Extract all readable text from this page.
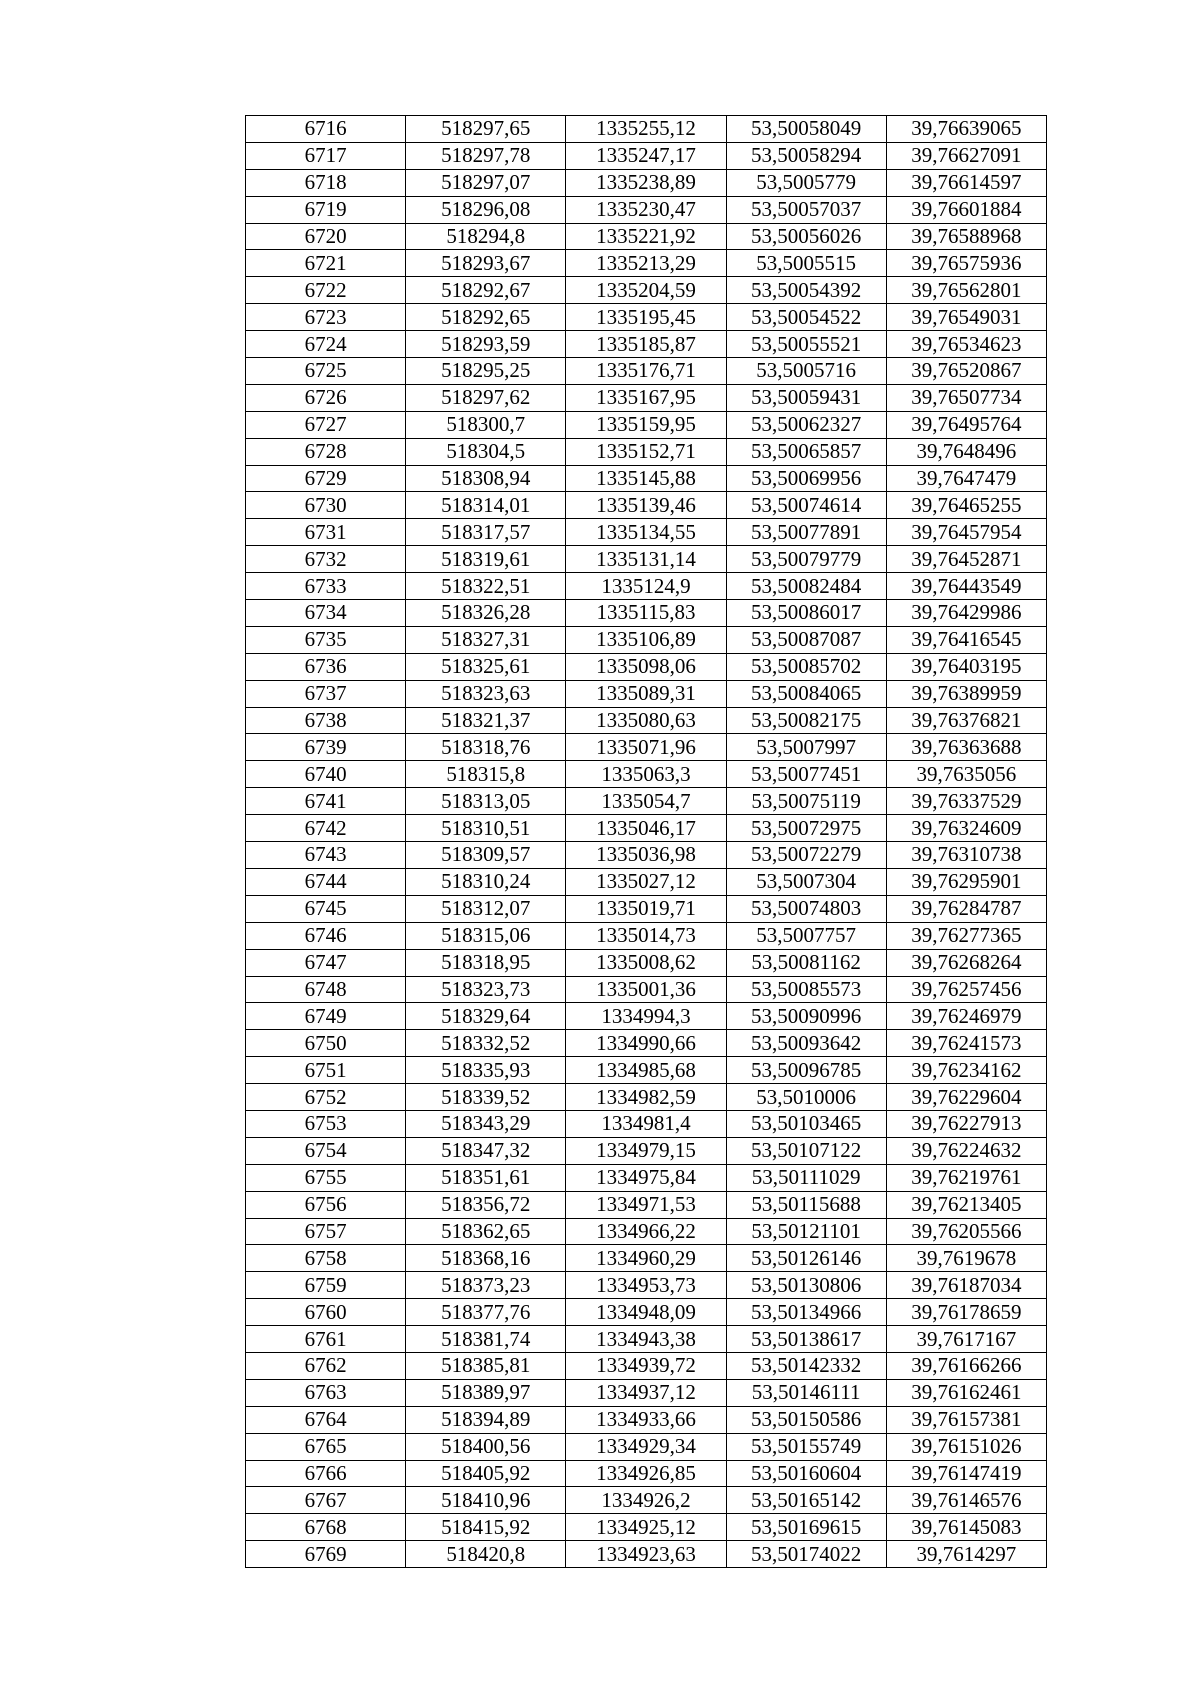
6716	518297,65	1335255,12	53,50058049	39,76639065
6717	518297,78	1335247,17	53,50058294	39,76627091
6718	518297,07	1335238,89	53,5005779	39,76614597
6719	518296,08	1335230,47	53,50057037	39,76601884
6720	518294,8	1335221,92	53,50056026	39,76588968
6721	518293,67	1335213,29	53,5005515	39,76575936
6722	518292,67	1335204,59	53,50054392	39,76562801
6723	518292,65	1335195,45	53,50054522	39,76549031
6724	518293,59	1335185,87	53,50055521	39,76534623
6725	518295,25	1335176,71	53,5005716	39,76520867
6726	518297,62	1335167,95	53,50059431	39,76507734
6727	518300,7	1335159,95	53,50062327	39,76495764
6728	518304,5	1335152,71	53,50065857	39,7648496
6729	518308,94	1335145,88	53,50069956	39,7647479
6730	518314,01	1335139,46	53,50074614	39,76465255
6731	518317,57	1335134,55	53,50077891	39,76457954
6732	518319,61	1335131,14	53,50079779	39,76452871
6733	518322,51	1335124,9	53,50082484	39,76443549
6734	518326,28	1335115,83	53,50086017	39,76429986
6735	518327,31	1335106,89	53,50087087	39,76416545
6736	518325,61	1335098,06	53,50085702	39,76403195
6737	518323,63	1335089,31	53,50084065	39,76389959
6738	518321,37	1335080,63	53,50082175	39,76376821
6739	518318,76	1335071,96	53,5007997	39,76363688
6740	518315,8	1335063,3	53,50077451	39,7635056
6741	518313,05	1335054,7	53,50075119	39,76337529
6742	518310,51	1335046,17	53,50072975	39,76324609
6743	518309,57	1335036,98	53,50072279	39,76310738
6744	518310,24	1335027,12	53,5007304	39,76295901
6745	518312,07	1335019,71	53,50074803	39,76284787
6746	518315,06	1335014,73	53,5007757	39,76277365
6747	518318,95	1335008,62	53,50081162	39,76268264
6748	518323,73	1335001,36	53,50085573	39,76257456
6749	518329,64	1334994,3	53,50090996	39,76246979
6750	518332,52	1334990,66	53,50093642	39,76241573
6751	518335,93	1334985,68	53,50096785	39,76234162
6752	518339,52	1334982,59	53,5010006	39,76229604
6753	518343,29	1334981,4	53,50103465	39,76227913
6754	518347,32	1334979,15	53,50107122	39,76224632
6755	518351,61	1334975,84	53,50111029	39,76219761
6756	518356,72	1334971,53	53,50115688	39,76213405
6757	518362,65	1334966,22	53,50121101	39,76205566
6758	518368,16	1334960,29	53,50126146	39,7619678
6759	518373,23	1334953,73	53,50130806	39,76187034
6760	518377,76	1334948,09	53,50134966	39,76178659
6761	518381,74	1334943,38	53,50138617	39,7617167
6762	518385,81	1334939,72	53,50142332	39,76166266
6763	518389,97	1334937,12	53,50146111	39,76162461
6764	518394,89	1334933,66	53,50150586	39,76157381
6765	518400,56	1334929,34	53,50155749	39,76151026
6766	518405,92	1334926,85	53,50160604	39,76147419
6767	518410,96	1334926,2	53,50165142	39,76146576
6768	518415,92	1334925,12	53,50169615	39,76145083
6769	518420,8	1334923,63	53,50174022	39,7614297
